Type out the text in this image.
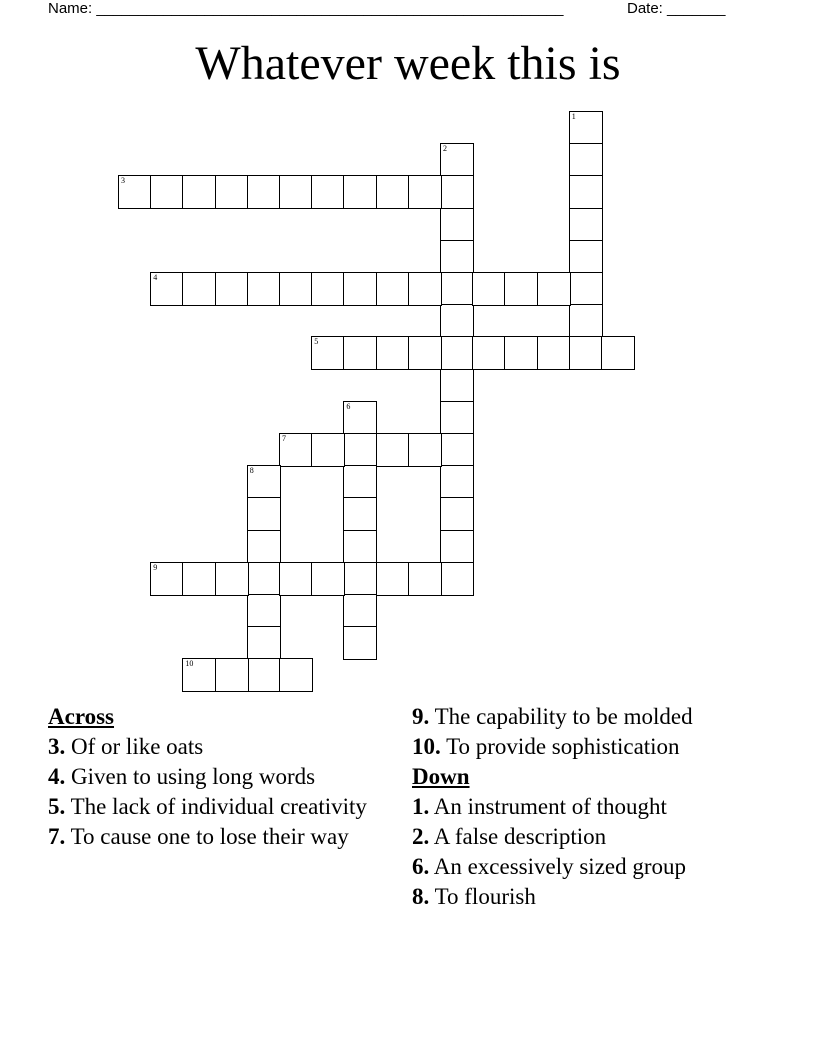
Name: ________________________________________________________	Date: _______
Whatever week this is
1
2
3
4
5
6
7
8
9
10
Across
3. Of or like oats
4. Given to using long words
5. The lack of individual creativity
7. To cause one to lose their way
9. The capability to be molded
10. To provide sophistication
Down
1. An instrument of thought
2. A false description
6. An excessively sized group
8. To flourish
